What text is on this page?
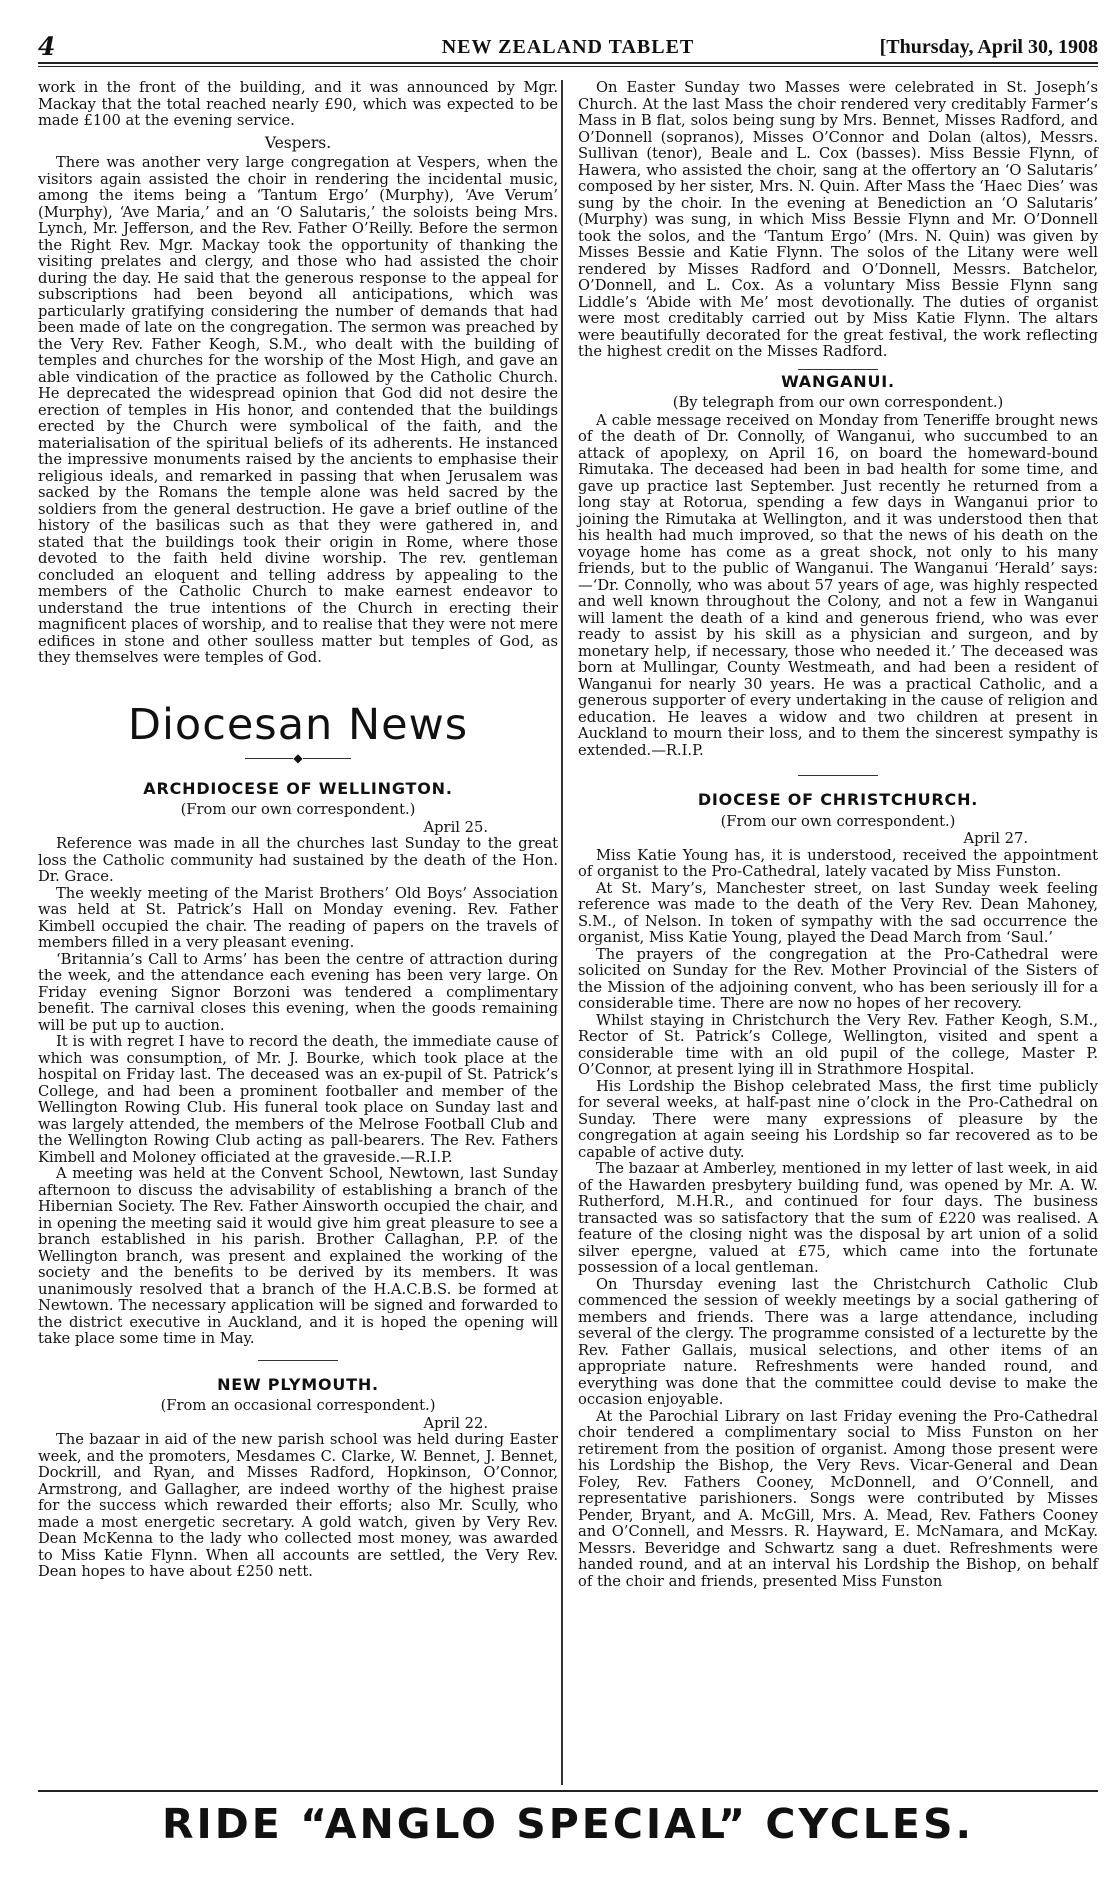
4	NEW ZEALAND TABLET	[Thursday, April 30, 1908

work in the front of the building, and it was announced by Mgr. Mackay that the total reached nearly £90, which was expected to be made £100 at the evening service.

Vespers.

There was another very large congregation at Vespers, when the visitors again assisted the choir in rendering the incidental music, among the items being a ‘Tantum Ergo’ (Murphy), ‘Ave Verum’ (Murphy), ‘Ave Maria,’ and an ‘O Salutaris,’ the soloists being Mrs. Lynch, Mr. Jefferson, and the Rev. Father O’Reilly. Before the sermon the Right Rev. Mgr. Mackay took the opportunity of thanking the visiting prelates and clergy, and those who had assisted the choir during the day. He said that the generous response to the appeal for subscriptions had been beyond all anticipations, which was particularly gratifying considering the number of demands that had been made of late on the congregation. The sermon was preached by the Very Rev. Father Keogh, S.M., who dealt with the building of temples and churches for the worship of the Most High, and gave an able vindication of the practice as followed by the Catholic Church. He deprecated the widespread opinion that God did not desire the erection of temples in His honor, and contended that the buildings erected by the Church were symbolical of the faith, and the materialisation of the spiritual beliefs of its adherents. He instanced the impressive monuments raised by the ancients to emphasise their religious ideals, and remarked in passing that when Jerusalem was sacked by the Romans the temple alone was held sacred by the soldiers from the general destruction. He gave a brief outline of the history of the basilicas such as that they were gathered in, and stated that the buildings took their origin in Rome, where those devoted to the faith held divine worship. The rev. gentleman concluded an eloquent and telling address by appealing to the members of the Catholic Church to make earnest endeavor to understand the true intentions of the Church in erecting their magnificent places of worship, and to realise that they were not mere edifices in stone and other soulless matter but temples of God, as they themselves were temples of God.

Diocesan News
◆
ARCHDIOCESE OF WELLINGTON.
(From our own correspondent.)

April 25.

Reference was made in all the churches last Sunday to the great loss the Catholic community had sustained by the death of the Hon. Dr. Grace.

The weekly meeting of the Marist Brothers’ Old Boys’ Association was held at St. Patrick’s Hall on Monday evening. Rev. Father Kimbell occupied the chair. The reading of papers on the travels of members filled in a very pleasant evening.

‘Britannia’s Call to Arms’ has been the centre of attraction during the week, and the attendance each evening has been very large. On Friday evening Signor Borzoni was tendered a complimentary benefit. The carnival closes this evening, when the goods remaining will be put up to auction.

It is with regret I have to record the death, the immediate cause of which was consumption, of Mr. J. Bourke, which took place at the hospital on Friday last. The deceased was an ex-pupil of St. Patrick’s College, and had been a prominent footballer and member of the Wellington Rowing Club. His funeral took place on Sunday last and was largely attended, the members of the Melrose Football Club and the Wellington Rowing Club acting as pall-bearers. The Rev. Fathers Kimbell and Moloney officiated at the graveside.—R.I.P.

A meeting was held at the Convent School, Newtown, last Sunday afternoon to discuss the advisability of establishing a branch of the Hibernian Society. The Rev. Father Ainsworth occupied the chair, and in opening the meeting said it would give him great pleasure to see a branch established in his parish. Brother Callaghan, P.P. of the Wellington branch, was present and explained the working of the society and the benefits to be derived by its members. It was unanimously resolved that a branch of the H.A.C.B.S. be formed at Newtown. The necessary application will be signed and forwarded to the district executive in Auckland, and it is hoped the opening will take place some time in May.

NEW PLYMOUTH.
(From an occasional correspondent.)

April 22.

The bazaar in aid of the new parish school was held during Easter week, and the promoters, Mesdames C. Clarke, W. Bennet, J. Bennet, Dockrill, and Ryan, and Misses Radford, Hopkinson, O’Connor, Armstrong, and Gallagher, are indeed worthy of the highest praise for the success which rewarded their efforts; also Mr. Scully, who made a most energetic secretary. A gold watch, given by Very Rev. Dean McKenna to the lady who collected most money, was awarded to Miss Katie Flynn. When all accounts are settled, the Very Rev. Dean hopes to have about £250 nett.

On Easter Sunday two Masses were celebrated in St. Joseph’s Church. At the last Mass the choir rendered very creditably Farmer’s Mass in B flat, solos being sung by Mrs. Bennet, Misses Radford, and O’Donnell (sopranos), Misses O’Connor and Dolan (altos), Messrs. Sullivan (tenor), Beale and L. Cox (basses). Miss Bessie Flynn, of Hawera, who assisted the choir, sang at the offertory an ‘O Salutaris’ composed by her sister, Mrs. N. Quin. After Mass the ‘Haec Dies’ was sung by the choir. In the evening at Benediction an ‘O Salutaris’ (Murphy) was sung, in which Miss Bessie Flynn and Mr. O’Donnell took the solos, and the ‘Tantum Ergo’ (Mrs. N. Quin) was given by Misses Bessie and Katie Flynn. The solos of the Litany were well rendered by Misses Radford and O’Donnell, Messrs. Batchelor, O’Donnell, and L. Cox. As a voluntary Miss Bessie Flynn sang Liddle’s ‘Abide with Me’ most devotionally. The duties of organist were most creditably carried out by Miss Katie Flynn. The altars were beautifully decorated for the great festival, the work reflecting the highest credit on the Misses Radford.

WANGANUI.
(By telegraph from our own correspondent.)

A cable message received on Monday from Teneriffe brought news of the death of Dr. Connolly, of Wanganui, who succumbed to an attack of apoplexy, on April 16, on board the homeward-bound Rimutaka. The deceased had been in bad health for some time, and gave up practice last September. Just recently he returned from a long stay at Rotorua, spending a few days in Wanganui prior to joining the Rimutaka at Wellington, and it was understood then that his health had much improved, so that the news of his death on the voyage home has come as a great shock, not only to his many friends, but to the public of Wanganui. The Wanganui ‘Herald’ says:—‘Dr. Connolly, who was about 57 years of age, was highly respected and well known throughout the Colony, and not a few in Wanganui will lament the death of a kind and generous friend, who was ever ready to assist by his skill as a physician and surgeon, and by monetary help, if necessary, those who needed it.’ The deceased was born at Mullingar, County Westmeath, and had been a resident of Wanganui for nearly 30 years. He was a practical Catholic, and a generous supporter of every undertaking in the cause of religion and education. He leaves a widow and two children at present in Auckland to mourn their loss, and to them the sincerest sympathy is extended.—R.I.P.

DIOCESE OF CHRISTCHURCH.
(From our own correspondent.)

April 27.

Miss Katie Young has, it is understood, received the appointment of organist to the Pro-Cathedral, lately vacated by Miss Funston.

At St. Mary’s, Manchester street, on last Sunday week feeling reference was made to the death of the Very Rev. Dean Mahoney, S.M., of Nelson. In token of sympathy with the sad occurrence the organist, Miss Katie Young, played the Dead March from ‘Saul.’

The prayers of the congregation at the Pro-Cathedral were solicited on Sunday for the Rev. Mother Provincial of the Sisters of the Mission of the adjoining convent, who has been seriously ill for a considerable time. There are now no hopes of her recovery.

Whilst staying in Christchurch the Very Rev. Father Keogh, S.M., Rector of St. Patrick’s College, Wellington, visited and spent a considerable time with an old pupil of the college, Master P. O’Connor, at present lying ill in Strathmore Hospital.

His Lordship the Bishop celebrated Mass, the first time publicly for several weeks, at half-past nine o’clock in the Pro-Cathedral on Sunday. There were many expressions of pleasure by the congregation at again seeing his Lordship so far recovered as to be capable of active duty.

The bazaar at Amberley, mentioned in my letter of last week, in aid of the Hawarden presbytery building fund, was opened by Mr. A. W. Rutherford, M.H.R., and continued for four days. The business transacted was so satisfactory that the sum of £220 was realised. A feature of the closing night was the disposal by art union of a solid silver epergne, valued at £75, which came into the fortunate possession of a local gentleman.

On Thursday evening last the Christchurch Catholic Club commenced the session of weekly meetings by a social gathering of members and friends. There was a large attendance, including several of the clergy. The programme consisted of a lecturette by the Rev. Father Gallais, musical selections, and other items of an appropriate nature. Refreshments were handed round, and everything was done that the committee could devise to make the occasion enjoyable.

At the Parochial Library on last Friday evening the Pro-Cathedral choir tendered a complimentary social to Miss Funston on her retirement from the position of organist. Among those present were his Lordship the Bishop, the Very Revs. Vicar-General and Dean Foley, Rev. Fathers Cooney, McDonnell, and O’Connell, and representative parishioners. Songs were contributed by Misses Pender, Bryant, and A. McGill, Mrs. A. Mead, Rev. Fathers Cooney and O’Connell, and Messrs. R. Hayward, E. McNamara, and McKay. Messrs. Beveridge and Schwartz sang a duet. Refreshments were handed round, and at an interval his Lordship the Bishop, on behalf of the choir and friends, presented Miss Funston

RIDE “ANGLO SPECIAL” CYCLES.
